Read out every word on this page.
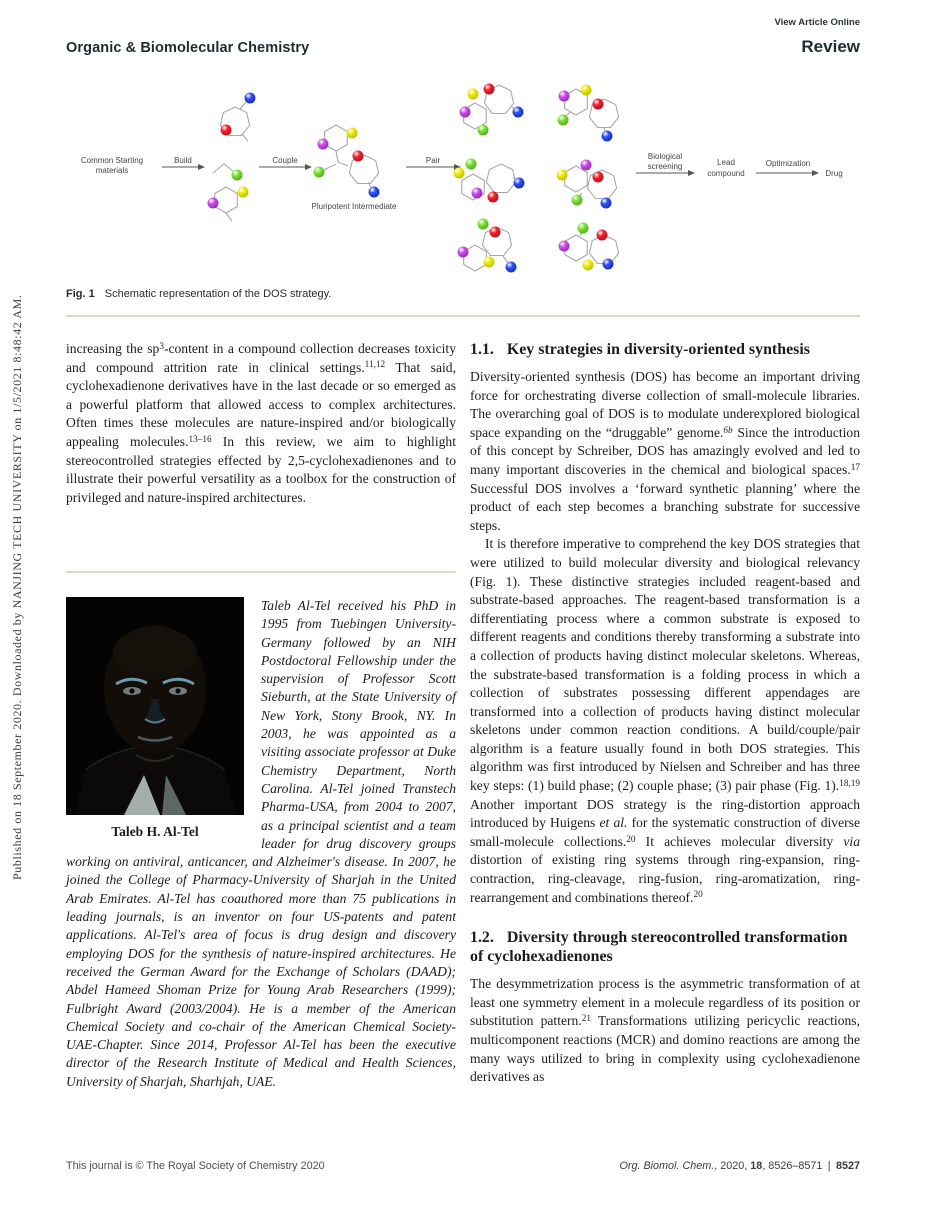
Organic & Biomolecular Chemistry
View Article Online
Review
Published on 18 September 2020. Downloaded by NANJING TECH UNIVERSITY on 1/5/2021 8:48:42 AM.
Common Starting
materials
Build	Couple
Pluripotent Intermediate
Pair	Biological
screening	Lead
compound
Optimization
Drug
Fig. 1 Schematic representation of the DOS strategy.

increasing the $sp^3$-content in a compound collection decreases toxicity and compound attrition rate in clinical settings.$^{11,12}$ That said, cyclohexadienone derivatives have in the last decade or so emerged as a powerful platform that allowed access to complex architectures. Often times these molecules are nature-inspired and/or biologically appealing molecules.$^{13-16}$ In this review, we aim to highlight stereocontrolled strategies effected by 2,5-cyclohexadienones and to illustrate their powerful versatility as a toolbox for the construction of privileged and nature-inspired architectures.

Taleb H. Al-Tel
Taleb Al-Tel received his PhD in 1995 from Tuebingen University-Germany followed by an NIH Postdoctoral Fellowship under the supervision of Professor Scott Sieburth, at the State University of New York, Stony Brook, NY. In 2003, he was appointed as a visiting associate professor at Duke Chemistry Department, North Carolina. Al-Tel joined Transtech Pharma-USA, from 2004 to 2007, as a principal scientist and a team leader for drug discovery groups working on antiviral, anticancer, and Alzheimer's disease. In 2007, he joined the College of Pharmacy-University of Sharjah in the United Arab Emirates. Al-Tel has coauthored more than 75 publications in leading journals, is an inventor on four US-patents and patent applications. Al-Tel's area of focus is drug design and discovery employing DOS for the synthesis of nature-inspired architectures. He received the German Award for the Exchange of Scholars (DAAD); Abdel Hameed Shoman Prize for Young Arab Researchers (1999); Fulbright Award (2003/2004). He is a member of the American Chemical Society and co-chair of the American Chemical Society-UAE-Chapter. Since 2014, Professor Al-Tel has been the executive director of the Research Institute of Medical and Health Sciences, University of Sharjah, Sharhjah, UAE.
1.1. Key strategies in diversity-oriented synthesis

Diversity-oriented synthesis (DOS) has become an important driving force for orchestrating diverse collection of small-molecule libraries. The overarching goal of DOS is to modulate underexplored biological space expanding on the “druggable” genome.$^{6b}$ Since the introduction of this concept by Schreiber, DOS has amazingly evolved and led to many important discoveries in the chemical and biological spaces.$^{17}$ Successful DOS involves a ‘forward synthetic planning’ where the product of each step becomes a branching substrate for successive steps.

It is therefore imperative to comprehend the key DOS strategies that were utilized to build molecular diversity and biological relevancy (Fig. 1). These distinctive strategies included reagent-based and substrate-based approaches. The reagent-based transformation is a differentiating process where a common substrate is exposed to different reagents and conditions thereby transforming a substrate into a collection of products having distinct molecular skeletons. Whereas, the substrate-based transformation is a folding process in which a collection of substrates possessing different appendages are transformed into a collection of products having distinct molecular skeletons under common reaction conditions. A build/couple/pair algorithm is a feature usually found in both DOS strategies. This algorithm was first introduced by Nielsen and Schreiber and has three key steps: (1) build phase; (2) couple phase; (3) pair phase (Fig. 1).$^{18,19}$ Another important DOS strategy is the ring-distortion approach introduced by Huigens et al. for the systematic construction of diverse small-molecule collections.$^{20}$ It achieves molecular diversity via distortion of existing ring systems through ring-expansion, ring-contraction, ring-cleavage, ring-fusion, ring-aromatization, ring-rearrangement and combinations thereof.$^{20}$

1.2. Diversity through stereocontrolled transformation of cyclohexadienones

The desymmetrization process is the asymmetric transformation of at least one symmetry element in a molecule regardless of its position or substitution pattern.$^{21}$ Transformations utilizing pericyclic reactions, multicomponent reactions (MCR) and domino reactions are among the many ways utilized to bring in complexity using cyclohexadienone derivatives as

This journal is © The Royal Society of Chemistry 2020	Org. Biomol. Chem., 2020, 18, 8526–8571 | 8527
